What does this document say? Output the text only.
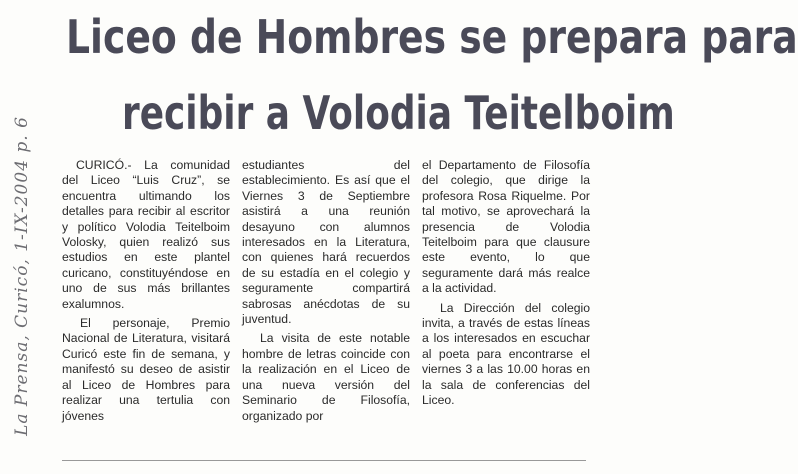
La Prensa, Curicó, 1-IX-2004 p. 6
Liceo de Hombres se prepara para
recibir a Volodia Teitelboim

CURICÓ.- La comunidad del Liceo “Luis Cruz”, se encuentra ultimando los detalles para recibir al escritor y político Volodia Teitelboim Volosky, quien realizó sus estudios en este plantel curicano, constituyéndose en uno de sus más brillantes exalumnos.

El personaje, Premio Nacional de Literatura, visitará Curicó este fin de semana, y manifestó su deseo de asistir al Liceo de Hombres para realizar una tertulia con jóvenes

estudiantes del establecimiento. Es así que el Viernes 3 de Septiembre asistirá a una reunión desayuno con alumnos interesados en la Literatura, con quienes hará recuerdos de su estadía en el colegio y seguramente compartirá sabrosas anécdotas de su juventud.

La visita de este notable hombre de letras coincide con la realización en el Liceo de una nueva versión del Seminario de Filosofía, organizado por

el Departamento de Filosofía del colegio, que dirige la profesora Rosa Riquelme. Por tal motivo, se aprovechará la presencia de Volodia Teitelboim para que clausure este evento, lo que seguramente dará más realce a la actividad.

La Dirección del colegio invita, a través de estas líneas a los interesados en escuchar al poeta para encontrarse el viernes 3 a las 10.00 horas en la sala de conferencias del Liceo.
